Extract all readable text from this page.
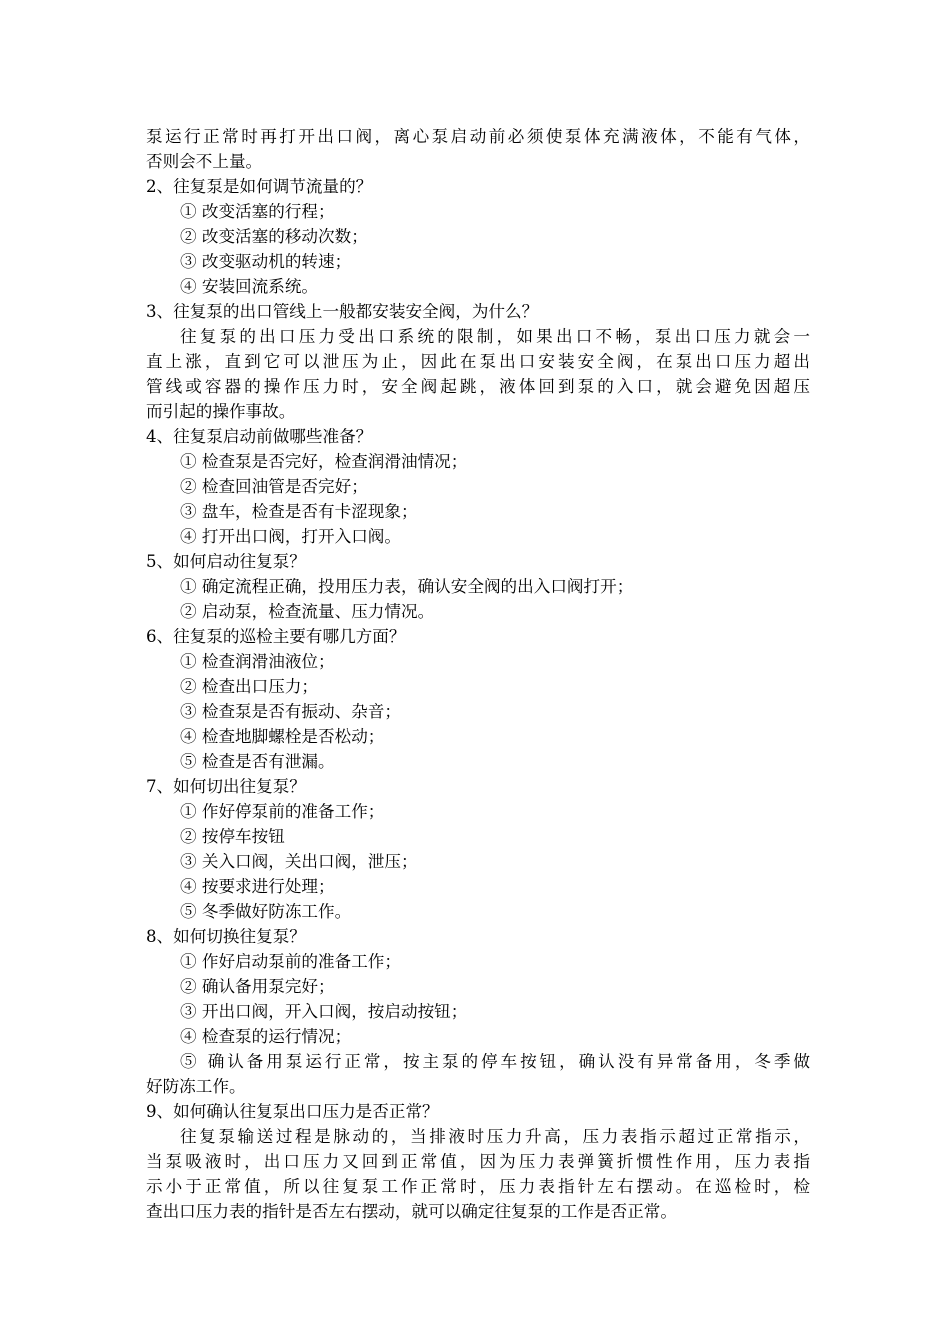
泵运行正常时再打开出口阀，离心泵启动前必须使泵体充满液体，不能有气体，
否则会不上量。
2、往复泵是如何调节流量的？
① 改变活塞的行程；
② 改变活塞的移动次数；
③ 改变驱动机的转速；
④ 安装回流系统。
3、往复泵的出口管线上一般都安装安全阀，为什么？
往复泵的出口压力受出口系统的限制，如果出口不畅，泵出口压力就会一
直上涨，直到它可以泄压为止，因此在泵出口安装安全阀，在泵出口压力超出
管线或容器的操作压力时，安全阀起跳，液体回到泵的入口，就会避免因超压
而引起的操作事故。
4、往复泵启动前做哪些准备？
① 检查泵是否完好，检查润滑油情况；
② 检查回油管是否完好；
③ 盘车，检查是否有卡涩现象；
④ 打开出口阀，打开入口阀。
5、如何启动往复泵？
① 确定流程正确，投用压力表，确认安全阀的出入口阀打开；
② 启动泵，检查流量、压力情况。
6、往复泵的巡检主要有哪几方面？
① 检查润滑油液位；
② 检查出口压力；
③ 检查泵是否有振动、杂音；
④ 检查地脚螺栓是否松动；
⑤ 检查是否有泄漏。
7、如何切出往复泵？
① 作好停泵前的准备工作；
② 按停车按钮
③ 关入口阀，关出口阀，泄压；
④ 按要求进行处理；
⑤ 冬季做好防冻工作。
8、如何切换往复泵？
① 作好启动泵前的准备工作；
② 确认备用泵完好；
③ 开出口阀，开入口阀，按启动按钮；
④ 检查泵的运行情况；
⑤ 确认备用泵运行正常，按主泵的停车按钮，确认没有异常备用，冬季做
好防冻工作。
9、如何确认往复泵出口压力是否正常？
往复泵输送过程是脉动的，当排液时压力升高，压力表指示超过正常指示，
当泵吸液时，出口压力又回到正常值，因为压力表弹簧折惯性作用，压力表指
示小于正常值，所以往复泵工作正常时，压力表指针左右摆动。在巡检时，检
查出口压力表的指针是否左右摆动，就可以确定往复泵的工作是否正常。
